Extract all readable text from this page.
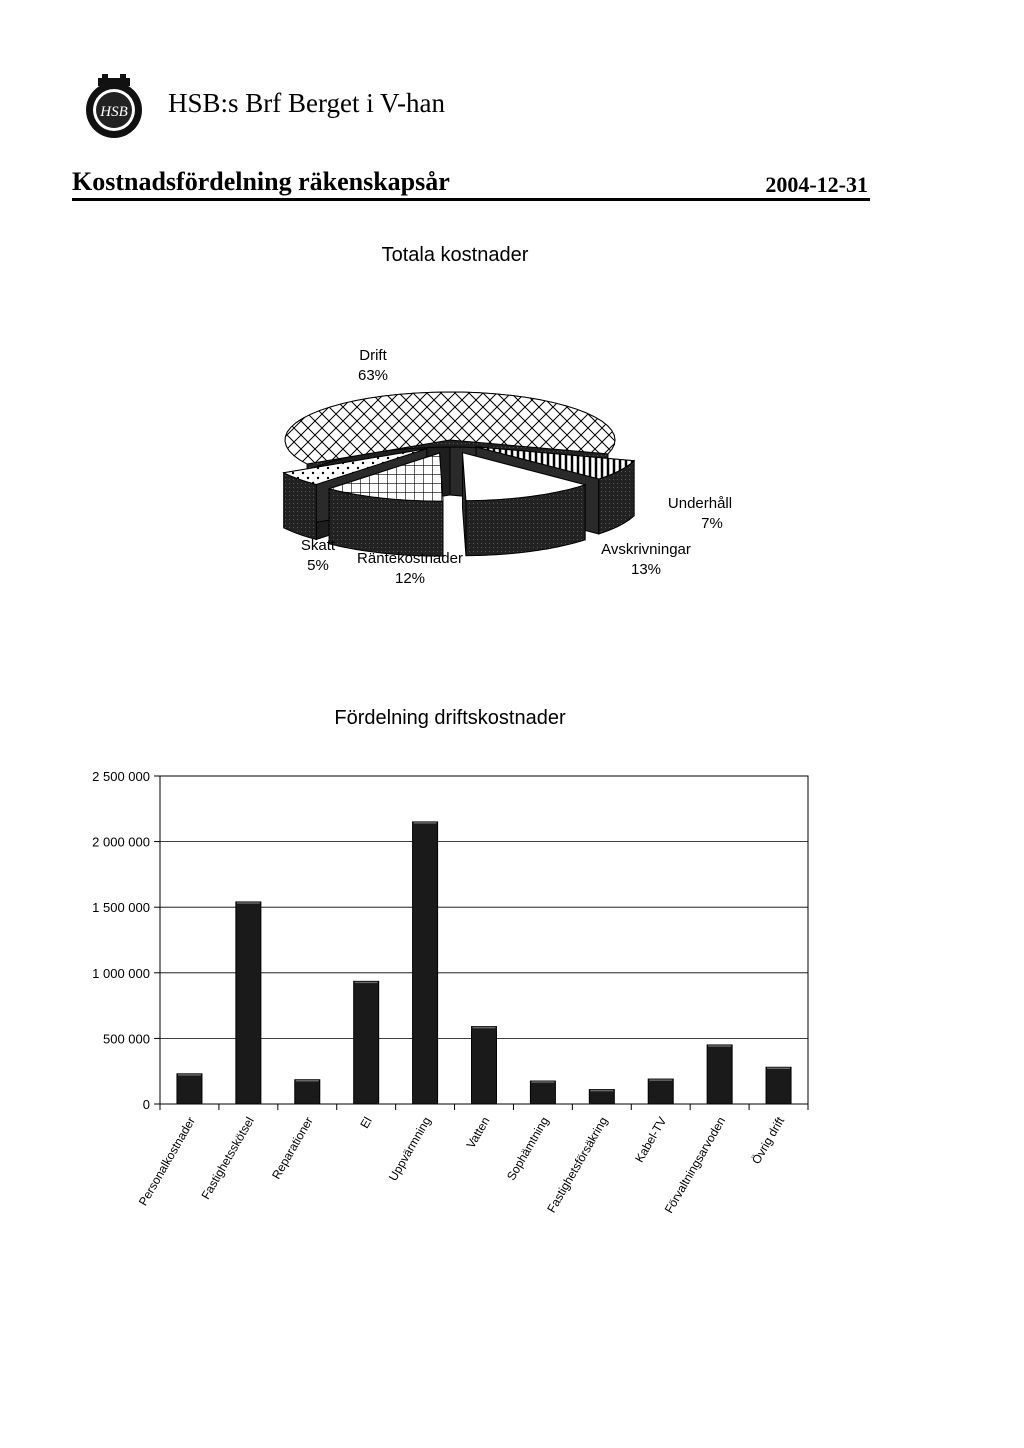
HSB HSB:s Brf Berget i V-han
Kostnadsfördelning räkenskapsår	2004-12-31
Totala kostnader
Drift
63%
Underhåll
7%
Avskrivningar
13%
Räntekostnader
12%
Skatt
5%
Fördelning driftskostnader
0
500 000
1 000 000
1 500 000
2 000 000
2 500 000
Personalkostnader Fastighetsskötsel Reparationer	El Uppvärmning Vatten Sophämtning
Fastighetsförsäkring Kabel-TV
Förvaltningsarvoden Övrig drift
